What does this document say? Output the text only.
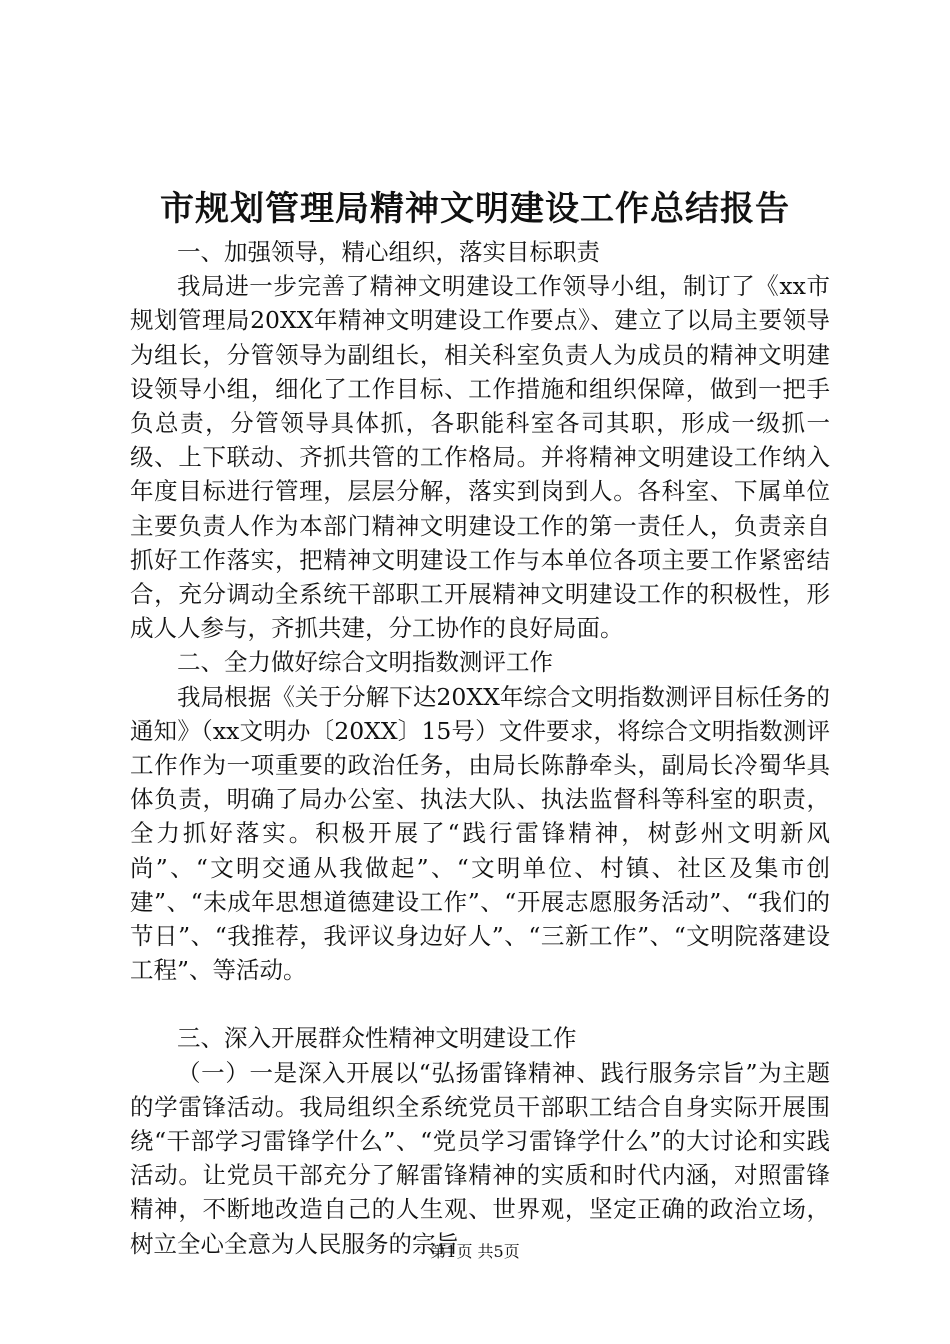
市规划管理局精神文明建设工作总结报告

一、加强领导，精心组织，落实目标职责

我局进一步完善了精神文明建设工作领导小组，制订了《xx市规划管理局20XX年精神文明建设工作要点》、建立了以局主要领导为组长，分管领导为副组长，相关科室负责人为成员的精神文明建设领导小组，细化了工作目标、工作措施和组织保障，做到一把手负总责，分管领导具体抓，各职能科室各司其职，形成一级抓一级、上下联动、齐抓共管的工作格局。并将精神文明建设工作纳入年度目标进行管理，层层分解，落实到岗到人。各科室、下属单位主要负责人作为本部门精神文明建设工作的第一责任人，负责亲自抓好工作落实，把精神文明建设工作与本单位各项主要工作紧密结合，充分调动全系统干部职工开展精神文明建设工作的积极性，形成人人参与，齐抓共建，分工协作的良好局面。

二、全力做好综合文明指数测评工作

我局根据《关于分解下达20XX年综合文明指数测评目标任务的通知》（xx文明办〔20XX〕15号）文件要求，将综合文明指数测评工作作为一项重要的政治任务，由局长陈静牵头，副局长冷蜀华具体负责，明确了局办公室、执法大队、执法监督科等科室的职责，全力抓好落实。积极开展了“践行雷锋精神，树彭州文明新风尚”、“文明交通从我做起”、“文明单位、村镇、社区及集市创建”、“未成年思想道德建设工作”、“开展志愿服务活动”、“我们的节日”、“我推荐，我评议身边好人”、“三新工作”、“文明院落建设工程”、等活动。

三、深入开展群众性精神文明建设工作

（一）一是深入开展以“弘扬雷锋精神、践行服务宗旨”为主题的学雷锋活动。我局组织全系统党员干部职工结合自身实际开展围绕“干部学习雷锋学什么”、“党员学习雷锋学什么”的大讨论和实践活动。让党员干部充分了解雷锋精神的实质和时代内涵，对照雷锋精神，不断地改造自己的人生观、世界观，坚定正确的政治立场，树立全心全意为人民服务的宗旨

第1页 共5页
